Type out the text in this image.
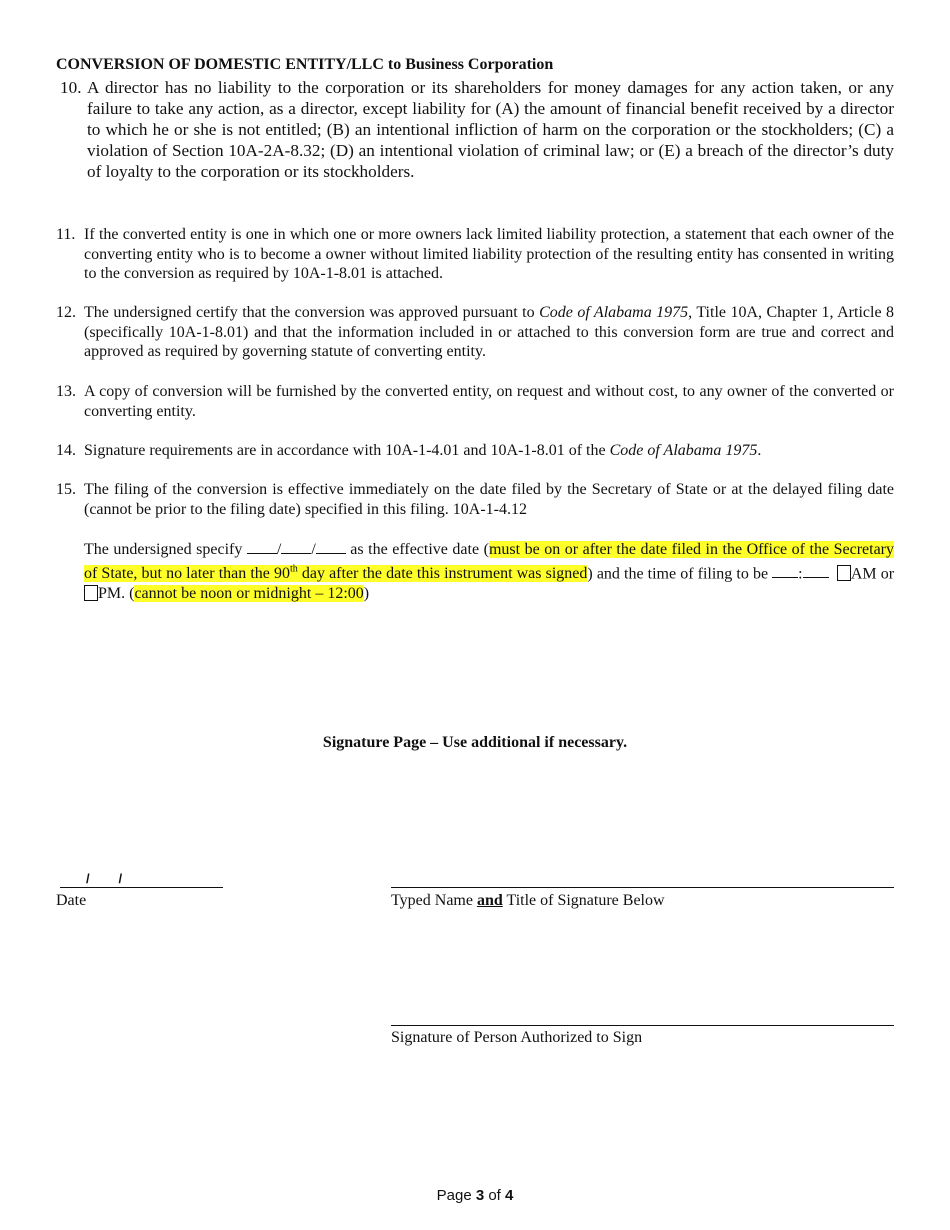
CONVERSION OF DOMESTIC ENTITY/LLC to Business Corporation
10. A director has no liability to the corporation or its shareholders for money damages for any action taken, or any failure to take any action, as a director, except liability for (A) the amount of financial benefit received by a director to which he or she is not entitled; (B) an intentional infliction of harm on the corporation or the stockholders; (C) a violation of Section 10A-2A-8.32; (D) an intentional violation of criminal law; or (E) a breach of the director’s duty of loyalty to the corporation or its stockholders.
11. If the converted entity is one in which one or more owners lack limited liability protection, a statement that each owner of the converting entity who is to become a owner without limited liability protection of the resulting entity has consented in writing to the conversion as required by 10A-1-8.01 is attached.
12. The undersigned certify that the conversion was approved pursuant to Code of Alabama 1975, Title 10A, Chapter 1, Article 8 (specifically 10A-1-8.01) and that the information included in or attached to this conversion form are true and correct and approved as required by governing statute of converting entity.
13. A copy of conversion will be furnished by the converted entity, on request and without cost, to any owner of the converted or converting entity.
14. Signature requirements are in accordance with 10A-1-4.01 and 10A-1-8.01 of the Code of Alabama 1975.
15. The filing of the conversion is effective immediately on the date filed by the Secretary of State or at the delayed filing date (cannot be prior to the filing date) specified in this filing. 10A-1-4.12
The undersigned specify / / as the effective date (must be on or after the date filed in the Office of the Secretary of State, but no later than the 90th day after the date this instrument was signed) and the time of filing to be :	AM orPM. (cannot be noon or midnight – 12:00)
Signature Page – Use additional if necessary.
/        /
Date	Typed Name and Title of Signature Below
Signature of Person Authorized to Sign
Page 3 of 4
